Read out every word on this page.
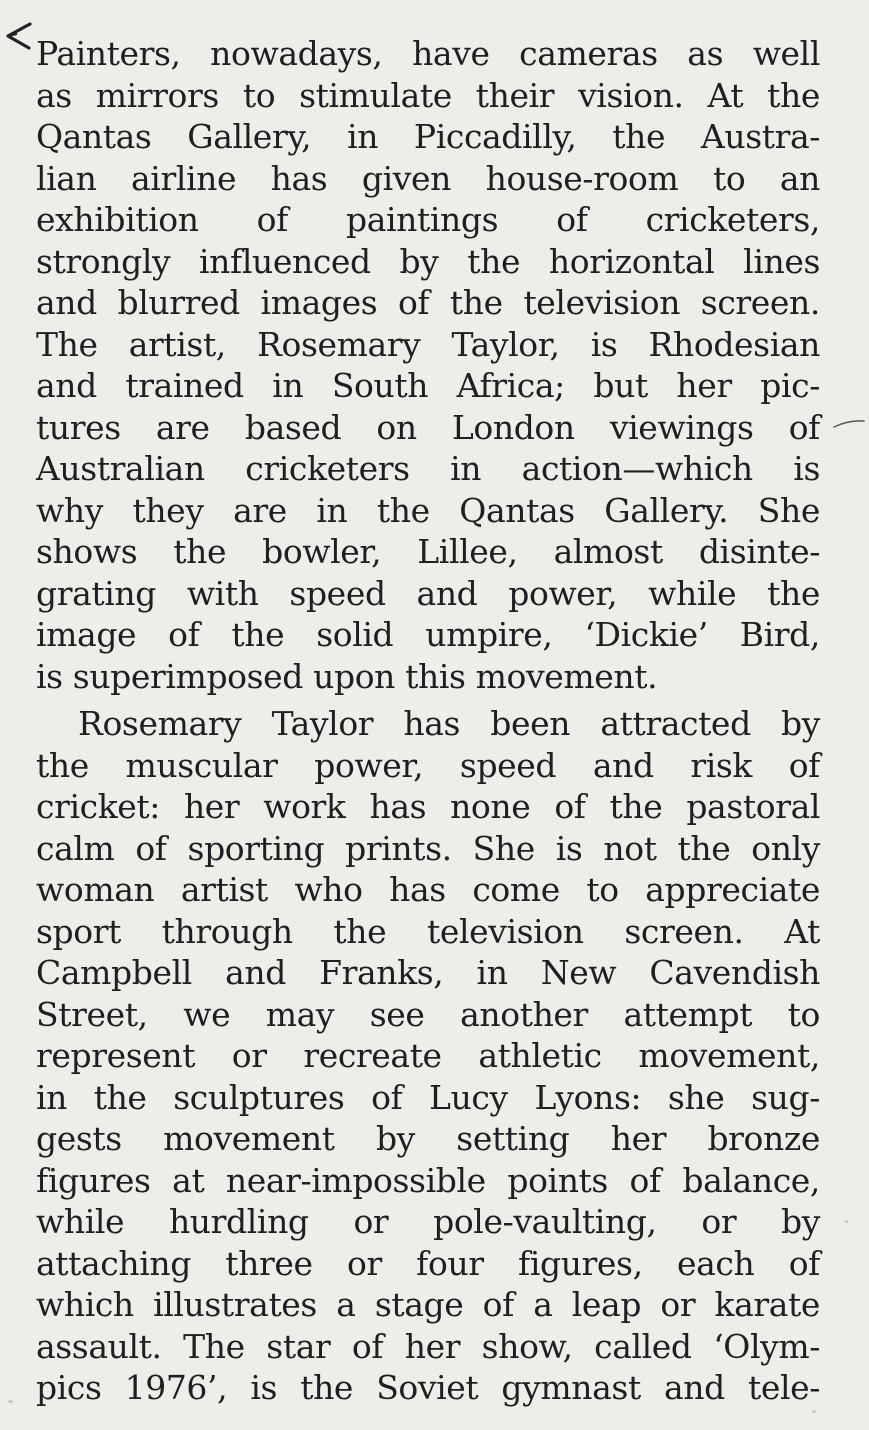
Painters, nowadays, have cameras as well
as mirrors to stimulate their vision. At the
Qantas Gallery, in Piccadilly, the Austra-
lian airline has given house-room to an
exhibition of paintings of cricketers,
strongly influenced by the horizontal lines
and blurred images of the television screen.
The artist, Rosemary Taylor, is Rhodesian
and trained in South Africa; but her pic-
tures are based on London viewings of
Australian cricketers in action—which is
why they are in the Qantas Gallery. She
shows the bowler, Lillee, almost disinte-
grating with speed and power, while the
image of the solid umpire, ‘Dickie’ Bird,
is superimposed upon this movement.
Rosemary Taylor has been attracted by
the muscular power, speed and risk of
cricket: her work has none of the pastoral
calm of sporting prints. She is not the only
woman artist who has come to appreciate
sport through the television screen. At
Campbell and Franks, in New Cavendish
Street, we may see another attempt to
represent or recreate athletic movement,
in the sculptures of Lucy Lyons: she sug-
gests movement by setting her bronze
figures at near-impossible points of balance,
while hurdling or pole-vaulting, or by
attaching three or four figures, each of
which illustrates a stage of a leap or karate
assault. The star of her show, called ‘Olym-
pics 1976’, is the Soviet gymnast and tele-
